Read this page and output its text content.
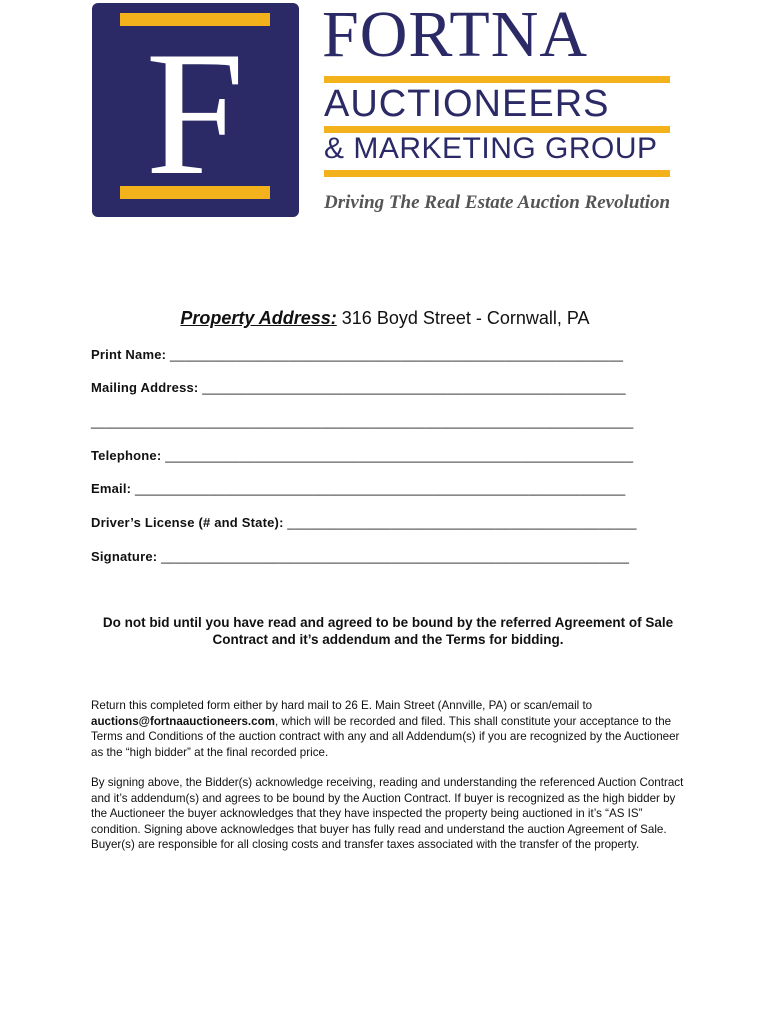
F FORTNA
AUCTIONEERS
& MARKETING GROUP
Driving The Real Estate Auction Revolution
Property Address: 316 Boyd Street - Cornwall, PA
Print Name: _____________________________________________________________
Mailing Address: _________________________________________________________
_________________________________________________________________________
Telephone: _______________________________________________________________
Email: __________________________________________________________________
Driver’s License (# and State): _______________________________________________
Signature: _______________________________________________________________
Do not bid until you have read and agreed to be bound by the referred Agreement of Sale Contract and it’s addendum and the Terms for bidding.
Return this completed form either by hard mail to 26 E. Main Street (Annville, PA) or scan/email to auctions@fortnaauctioneers.com, which will be recorded and filed. This shall constitute your acceptance to the Terms and Conditions of the auction contract with any and all Addendum(s) if you are recognized by the Auctioneer as the “high bidder” at the final recorded price.
By signing above, the Bidder(s) acknowledge receiving, reading and understanding the referenced Auction Contract and it’s addendum(s) and agrees to be bound by the Auction Contract. If buyer is recognized as the high bidder by the Auctioneer the buyer acknowledges that they have inspected the property being auctioned in it’s “AS IS” condition. Signing above acknowledges that buyer has fully read and understand the auction Agreement of Sale. Buyer(s) are responsible for all closing costs and transfer taxes associated with the transfer of the property.
